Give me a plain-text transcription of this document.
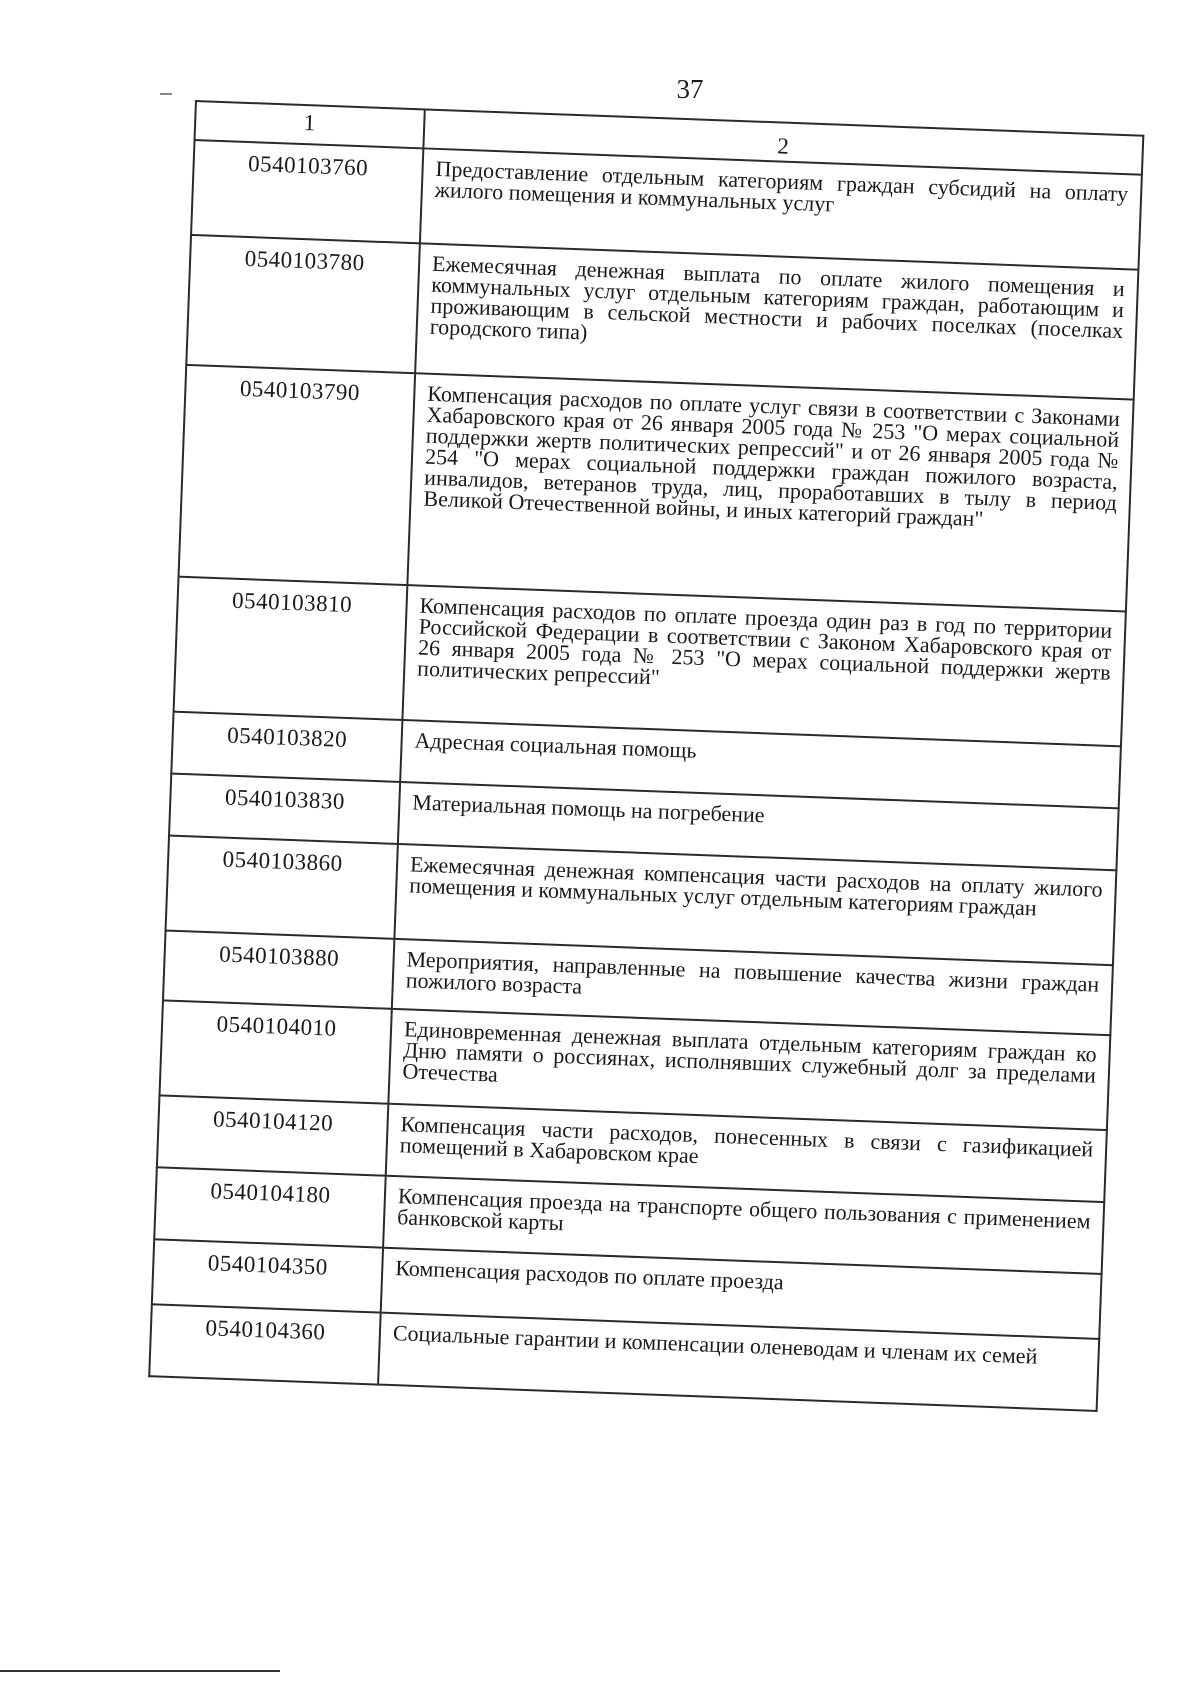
37
1	2
0540103760	Предоставление отдельным категориям граждан субсидий на оплату жилого помещения и коммунальных услуг
0540103780	Ежемесячная денежная выплата по оплате жилого помещения и коммунальных услуг отдельным категориям граждан, работающим и проживающим в сельской местности и рабочих поселках (поселках городского типа)
0540103790	Компенсация расходов по оплате услуг связи в соответствии с Законами Хабаровского края от 26 января 2005 года № 253 "О мерах социальной поддержки жертв политических репрессий" и от 26 января 2005 года № 254 "О мерах социальной поддержки граждан пожилого возраста, инвалидов, ветеранов труда, лиц, проработавших в тылу в период Великой Отечественной войны, и иных категорий граждан"
0540103810	Компенсация расходов по оплате проезда один раз в год по территории Российской Федерации в соответствии с Законом Хабаровского края от 26 января 2005 года № 253 "О мерах социальной поддержки жертв политических репрессий"
0540103820	Адресная социальная помощь
0540103830	Материальная помощь на погребение
0540103860	Ежемесячная денежная компенсация части расходов на оплату жилого помещения и коммунальных услуг отдельным категориям граждан
0540103880	Мероприятия, направленные на повышение качества жизни граждан пожилого возраста
0540104010	Единовременная денежная выплата отдельным категориям граждан ко Дню памяти о россиянах, исполнявших служебный долг за пределами Отечества
0540104120	Компенсация части расходов, понесенных в связи с газификацией помещений в Хабаровском крае
0540104180	Компенсация проезда на транспорте общего пользования с применением банковской карты
0540104350	Компенсация расходов по оплате проезда
0540104360	Социальные гарантии и компенсации оленеводам и членам их семей
